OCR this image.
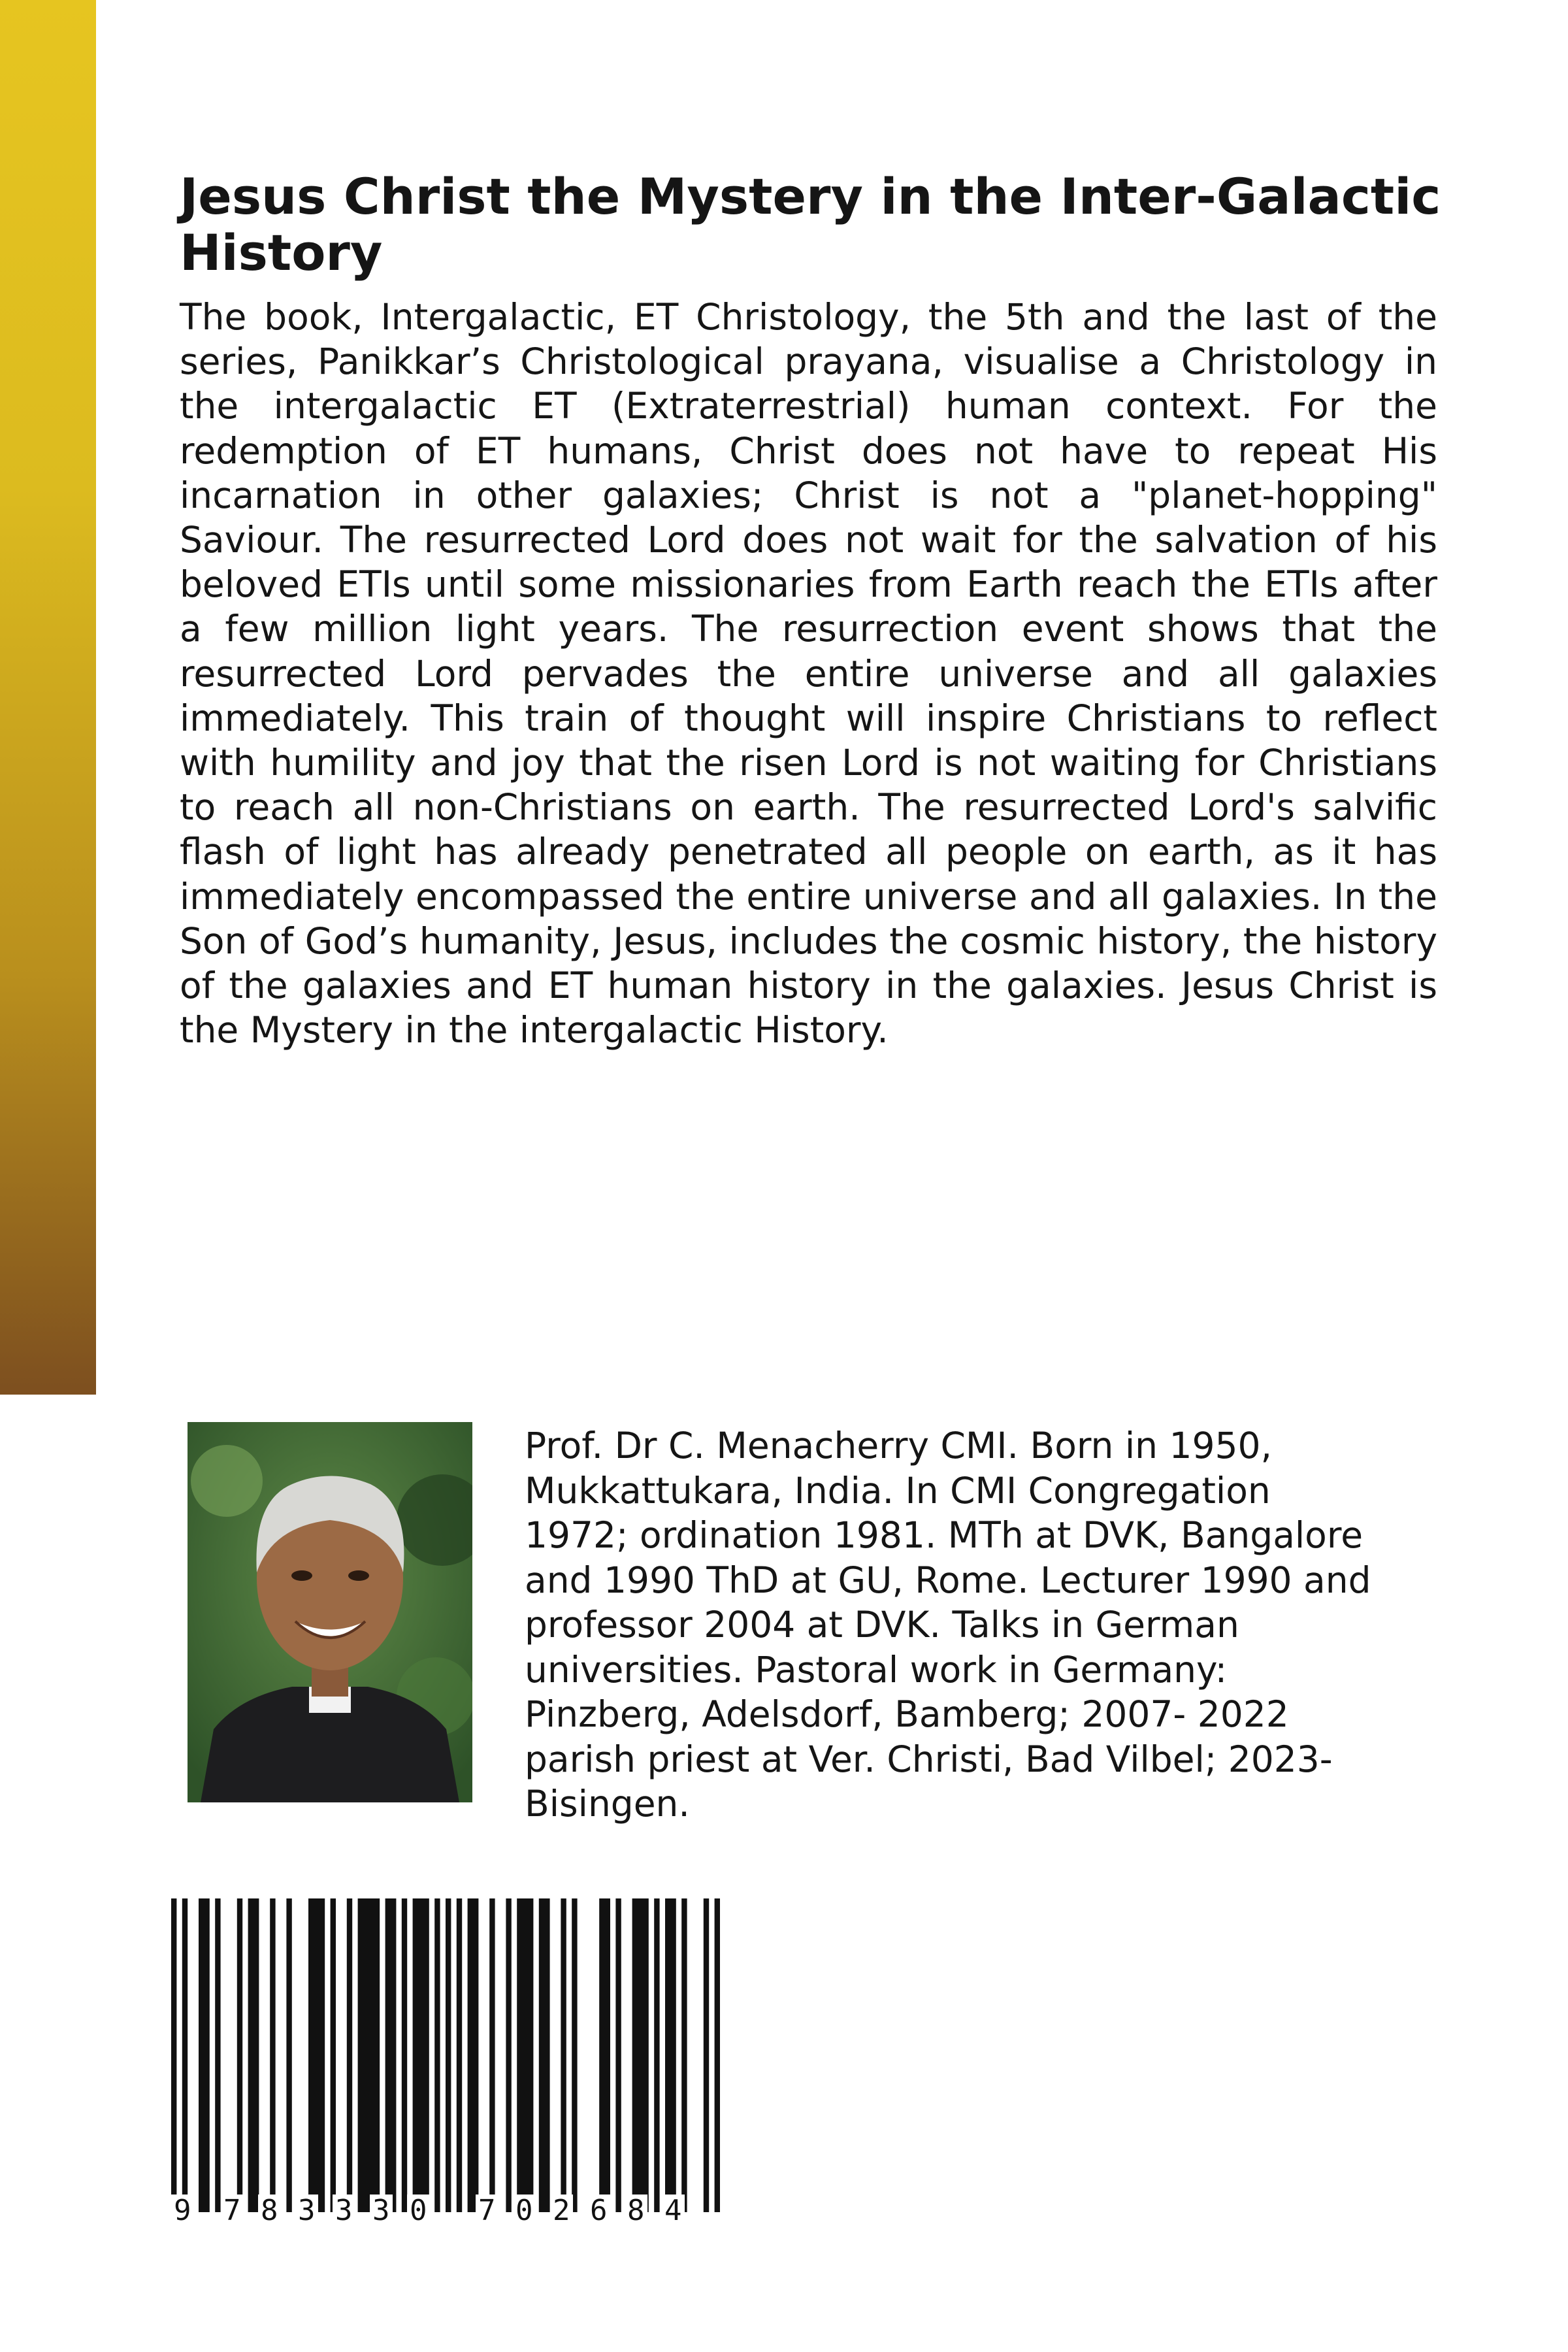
Jesus Christ the Mystery in the Inter-Galactic History

The book, Intergalactic, ET Christology, the 5th and the last of the series, Panikkar’s Christological prayana, visualise a Christology in the intergalactic ET (Extraterrestrial) human context. For the redemption of ET humans, Christ does not have to repeat His incarnation in other galaxies; Christ is not a "planet-hopping" Saviour. The resurrected Lord does not wait for the salvation of his beloved ETIs until some missionaries from Earth reach the ETIs after a few million light years. The resurrection event shows that the resurrected Lord pervades the entire universe and all galaxies immediately. This train of thought will inspire Christians to reflect with humility and joy that the risen Lord is not waiting for Christians to reach all non-Christians on earth. The resurrected Lord's salvific flash of light has already penetrated all people on earth, as it has immediately encompassed the entire universe and all galaxies. In the Son of God’s humanity, Jesus, includes the cosmic history, the history of the galaxies and ET human history in the galaxies. Jesus Christ is the Mystery in the intergalactic History.

Prof. Dr C. Menacherry CMI. Born in 1950,
Mukkattukara, India. In CMI Congregation
1972; ordination 1981. MTh at DVK, Bangalore
and 1990 ThD at GU, Rome. Lecturer 1990 and
professor 2004 at DVK. Talks in German
universities. Pastoral work in Germany:
Pinzberg, Adelsdorf, Bamberg; 2007- 2022
parish priest at Ver. Christi, Bad Vilbel; 2023-
Bisingen.

9 7 8 3 3 3 0 7 0 2 6 8 4
